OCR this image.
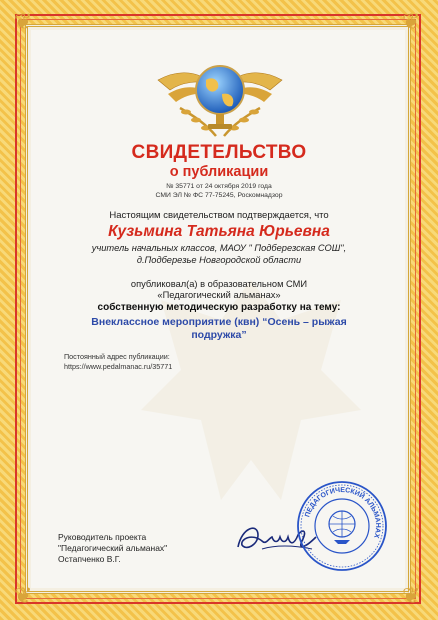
❦	❦
❦	❦
СВИДЕТЕЛЬСТВО
о публикации
№ 35771 от 24 октября 2019 года
СМИ ЭЛ № ФС 77-75245, Роскомнадзор
Настоящим свидетельством подтверждается, что
Кузьмина Татьяна Юрьевна
учитель начальных классов, МАОУ " Подберезская СОШ",
д.Подберезье Новгородской области
опубликовал(а) в образовательном СМИ
«Педагогический альманах»
собственную методическую разработку на тему:
Внеклассное мероприятие (квн) “Осень – рыжая
подружка”
Постоянный адрес публикации:
https://www.pedalmanac.ru/35771
Руководитель проекта
"Педагогический альманах"
Остапченко В.Г.
ПЕДАГОГИЧЕСКИЙ АЛЬМАНАХ
